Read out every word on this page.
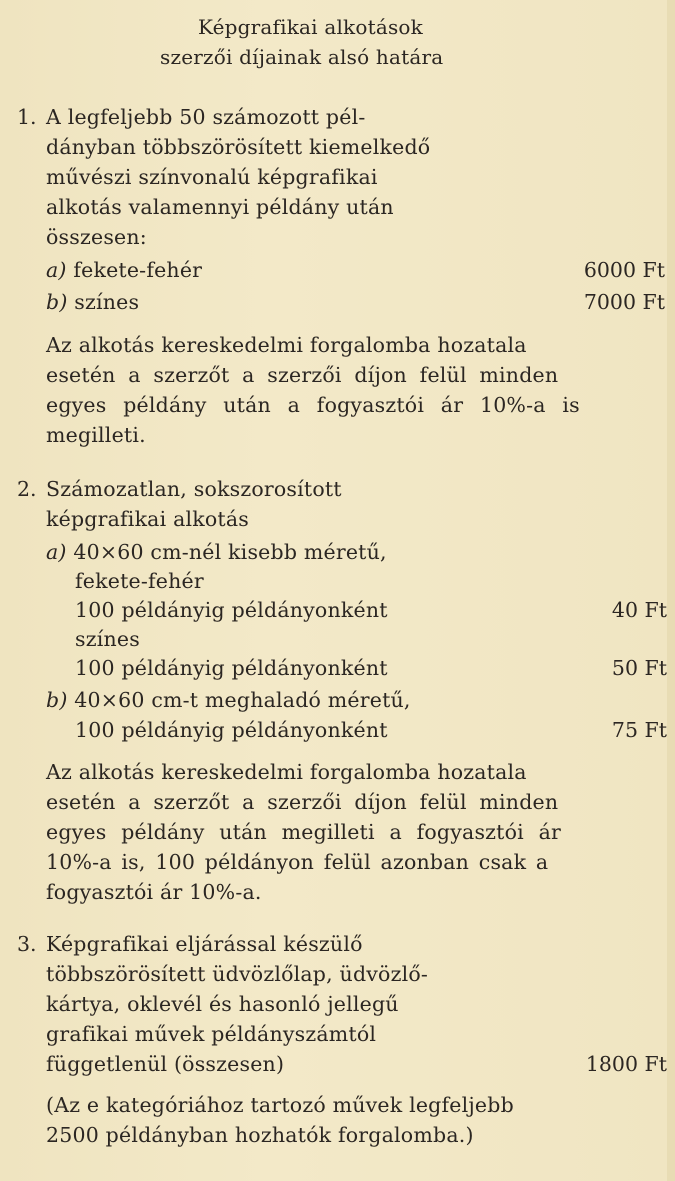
Képgrafikai alkotások
szerzői díjainak alsó határa
1. A legfeljebb 50 számozott pél-
dányban többszörösített kiemelkedő
művészi színvonalú képgrafikai
alkotás valamennyi példány után
összesen:
a) fekete-fehér	6000 Ft
b) színes	7000 Ft
Az alkotás kereskedelmi forgalomba hozatala
esetén a szerzőt a szerzői díjon felül minden
egyes példány után a fogyasztói ár 10%-a is
megilleti.
2. Számozatlan, sokszorosított
képgrafikai alkotás
a) 40×60 cm-nél kisebb méretű,
fekete-fehér
100 példányig példányonként	40 Ft
színes
100 példányig példányonként	50 Ft
b) 40×60 cm-t meghaladó méretű,
100 példányig példányonként	75 Ft
Az alkotás kereskedelmi forgalomba hozatala
esetén a szerzőt a szerzői díjon felül minden
egyes példány után megilleti a fogyasztói ár
10%-a is, 100 példányon felül azonban csak a
fogyasztói ár 10%-a.
3. Képgrafikai eljárással készülő
többszörösített üdvözlőlap, üdvözlő-
kártya, oklevél és hasonló jellegű
grafikai művek példányszámtól
függetlenül (összesen)	1800 Ft
(Az e kategóriához tartozó művek legfeljebb
2500 példányban hozhatók forgalomba.)
